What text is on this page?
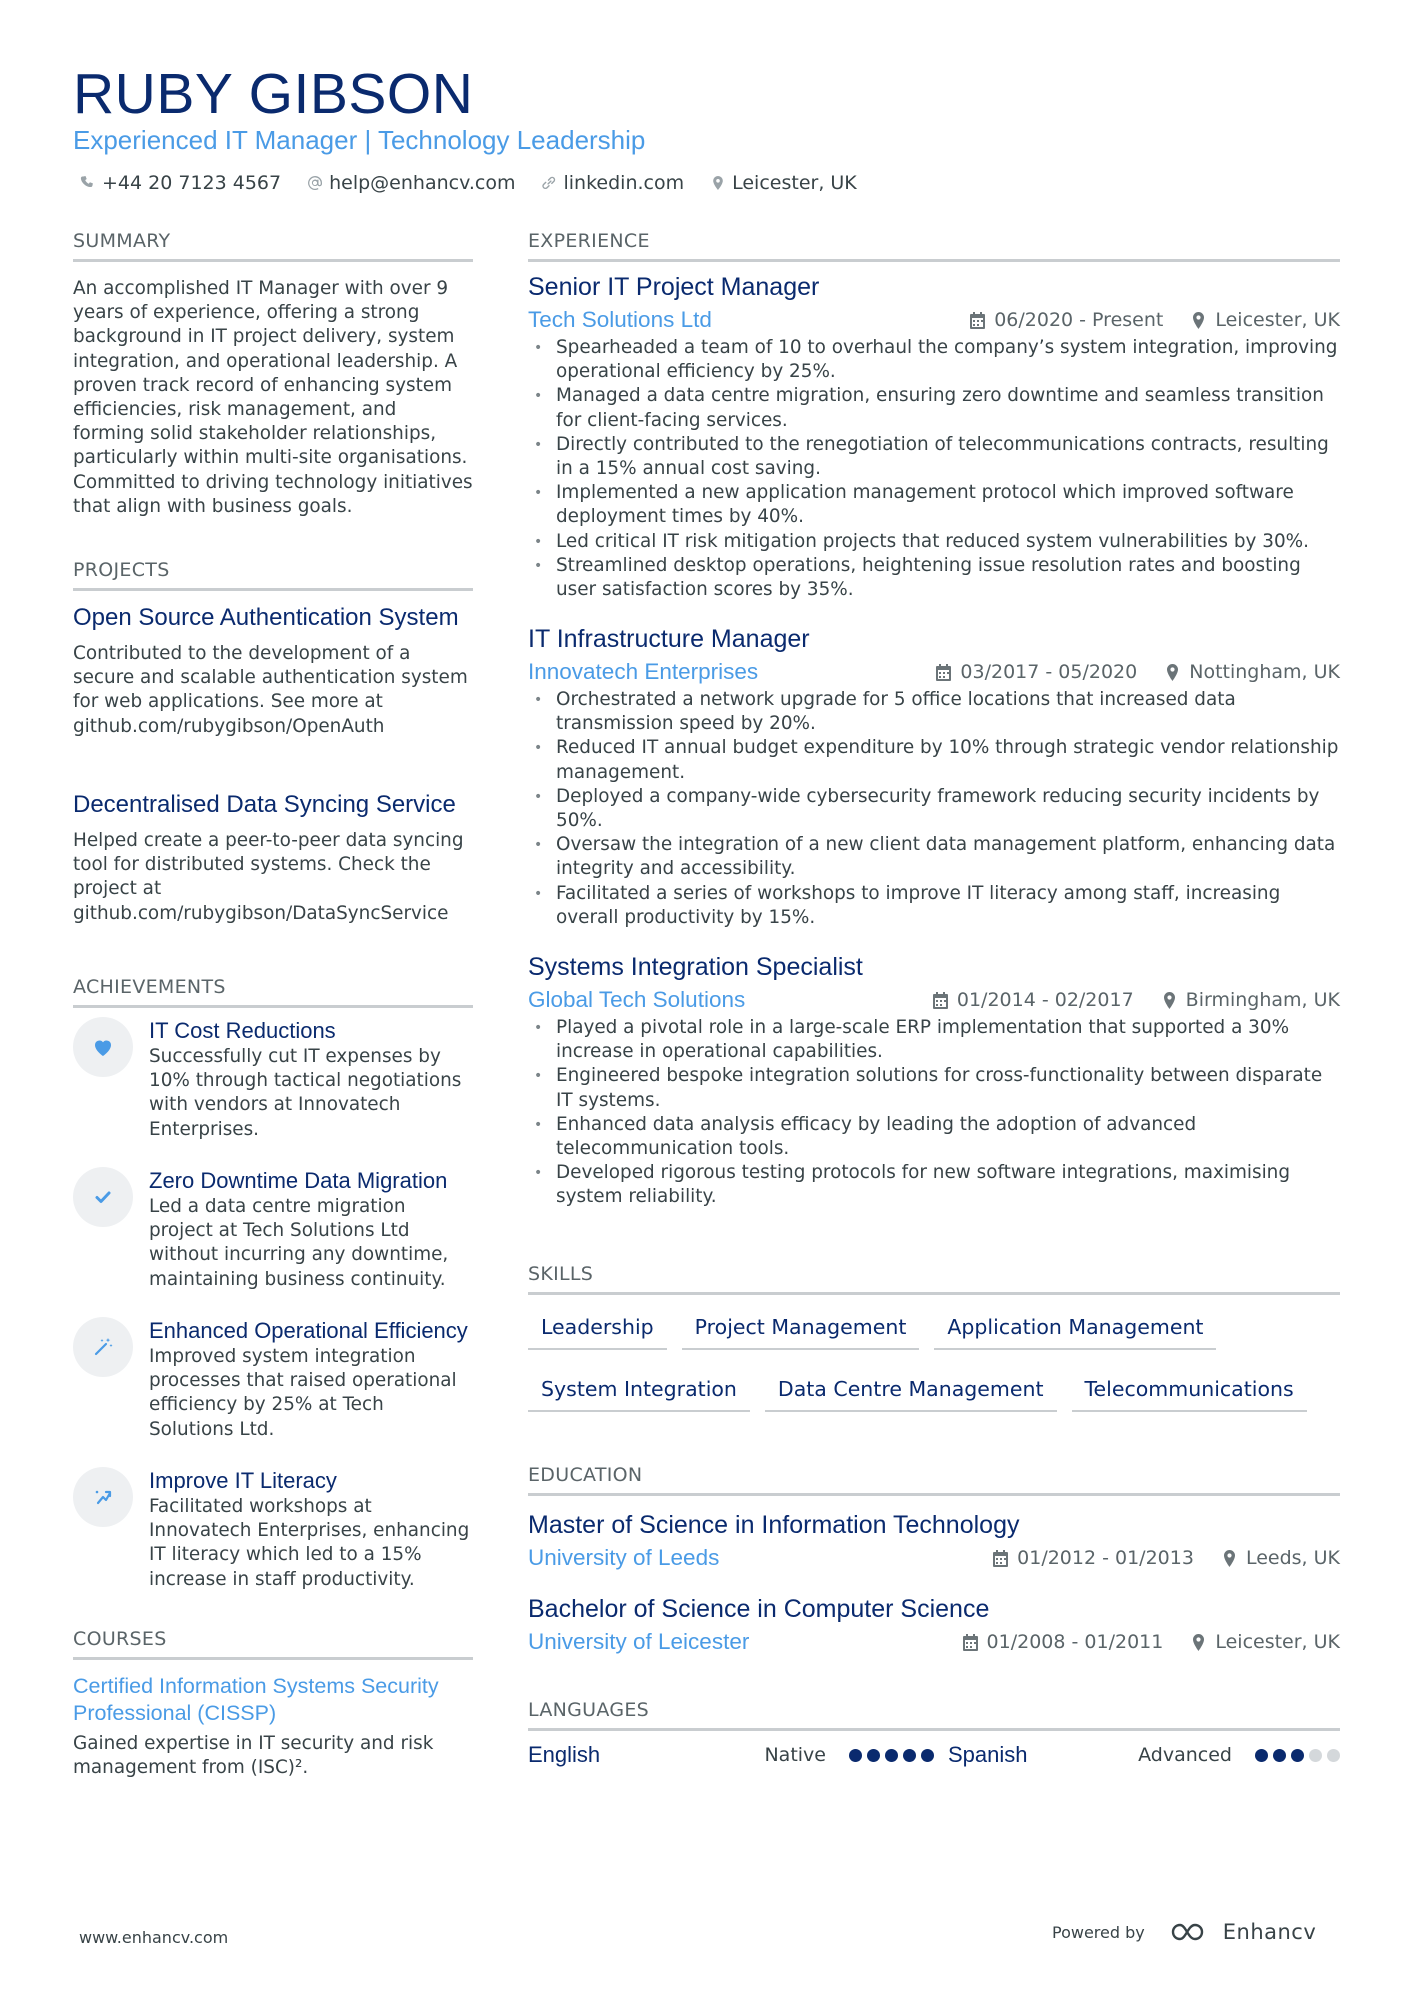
RUBY GIBSON
Experienced IT Manager | Technology Leadership
+44 20 7123 4567	help@enhancv.com	linkedin.com	Leicester, UK
SUMMARY
An accomplished IT Manager with over 9 years of experience, offering a strong background in IT project delivery, system integration, and operational leadership. A proven track record of enhancing system efficiencies, risk management, and forming solid stakeholder relationships, particularly within multi-site organisations. Committed to driving technology initiatives that align with business goals.
PROJECTS
Open Source Authentication System
Contributed to the development of a secure and scalable authentication system for web applications. See more at github.com/rubygibson/OpenAuth
Decentralised Data Syncing Service
Helped create a peer-to-peer data syncing tool for distributed systems. Check the project at github.com/rubygibson/DataSyncService
ACHIEVEMENTS
IT Cost Reductions
Successfully cut IT expenses by 10% through tactical negotiations with vendors at Innovatech Enterprises.
Zero Downtime Data Migration
Led a data centre migration project at Tech Solutions Ltd without incurring any downtime, maintaining business continuity.
Enhanced Operational Efficiency
Improved system integration processes that raised operational efficiency by 25% at Tech Solutions Ltd.
Improve IT Literacy
Facilitated workshops at Innovatech Enterprises, enhancing IT literacy which led to a 15% increase in staff productivity.
COURSES
Certified Information Systems Security Professional (CISSP)
Gained expertise in IT security and risk management from (ISC)².
EXPERIENCE
Senior IT Project Manager
Tech Solutions Ltd	06/2020 - Present	Leicester, UK
• Spearheaded a team of 10 to overhaul the company’s system integration, improving operational efficiency by 25%.
• Managed a data centre migration, ensuring zero downtime and seamless transition for client-facing services.
• Directly contributed to the renegotiation of telecommunications contracts, resulting in a 15% annual cost saving.
• Implemented a new application management protocol which improved software deployment times by 40%.
• Led critical IT risk mitigation projects that reduced system vulnerabilities by 30%.
• Streamlined desktop operations, heightening issue resolution rates and boosting user satisfaction scores by 35%.
IT Infrastructure Manager
Innovatech Enterprises	03/2017 - 05/2020	Nottingham, UK
• Orchestrated a network upgrade for 5 office locations that increased data transmission speed by 20%.
• Reduced IT annual budget expenditure by 10% through strategic vendor relationship management.
• Deployed a company-wide cybersecurity framework reducing security incidents by 50%.
• Oversaw the integration of a new client data management platform, enhancing data integrity and accessibility.
• Facilitated a series of workshops to improve IT literacy among staff, increasing overall productivity by 15%.
Systems Integration Specialist
Global Tech Solutions	01/2014 - 02/2017	Birmingham, UK
• Played a pivotal role in a large-scale ERP implementation that supported a 30% increase in operational capabilities.
• Engineered bespoke integration solutions for cross-functionality between disparate IT systems.
• Enhanced data analysis efficacy by leading the adoption of advanced telecommunication tools.
• Developed rigorous testing protocols for new software integrations, maximising system reliability.
SKILLS
Leadership	Project Management	Application Management
System Integration	Data Centre Management	Telecommunications
EDUCATION
Master of Science in Information Technology
University of Leeds	01/2012 - 01/2013	Leeds, UK
Bachelor of Science in Computer Science
University of Leicester	01/2008 - 01/2011	Leicester, UK
LANGUAGES
English	Native	Spanish	Advanced
www.enhancv.com	Powered by	Enhancv
